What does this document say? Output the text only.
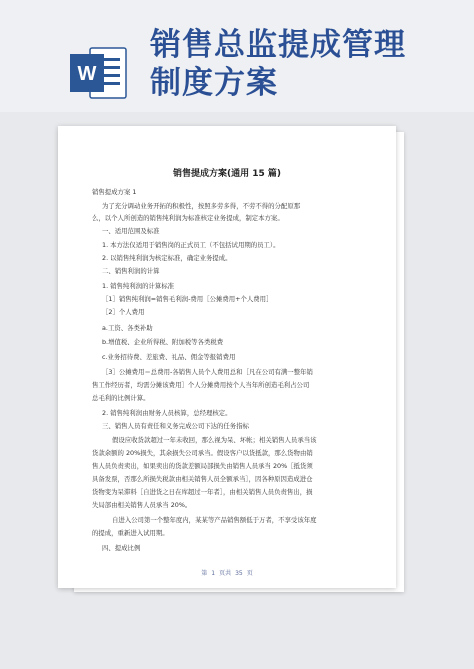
W
销售总监提成管理
制度方案
销售提成方案(通用 15 篇)
销售提成方案 1
为了充分调动业务开拓的积极性，按照多劳多得，不劳不得的分配原那
么，以个人所创造的销售纯利润为标准核定业务提成，制定本方案。
一、适用范围及标准
1. 本方法仅适用于销售岗的正式员工（不包括试用期的员工）。
2. 以销售纯利润为核定标准，确定业务提成。
二、销售利润的计算
1. 销售纯利润的计算标准
［1］销售纯利润=销售毛利润-费用［公摊费用+个人费用］
［2］个人费用
a.工资、各类补助
b.增值税、企业所得税、附加税等各类税费
c.业务招待费、差旅费、礼品、佣金等报销费用
［3］公摊费用＝总费用-各销售人员个人费用总和［凡在公司有满一整年销
售工作经历者，均需分摊该费用］个人分摊费用按个人当年所创造毛利占公司
总毛利的比例计算。
2. 销售纯利润由财务人员核算，总经理核定。
三、销售人员有责任和义务完成公司下达的任务指标
假设应收货款超过一年未收回，那么视为呆、坏帐；相关销售人员承当该
货款余额的 20%损失，其余损失公司承当。假设客户以货抵款，那么货物由销
售人员负责卖出，如果卖出的货款差额局部损失由销售人员承当 20%［抵货须
具备发票，否那么所损失税款由相关销售人员全额承当］，因各种原因造成进仓
货物变为呆滞料［自进货之日在库超过一年者］，由相关销售人员负责售出，损
失局部由相关销售人员承当 20%。
自进入公司第一个整年度内，某某等产品销售额低于万者，不享受该年度
的提成，重新进入试用期。
四、提成比例
第 1 页共 35 页
